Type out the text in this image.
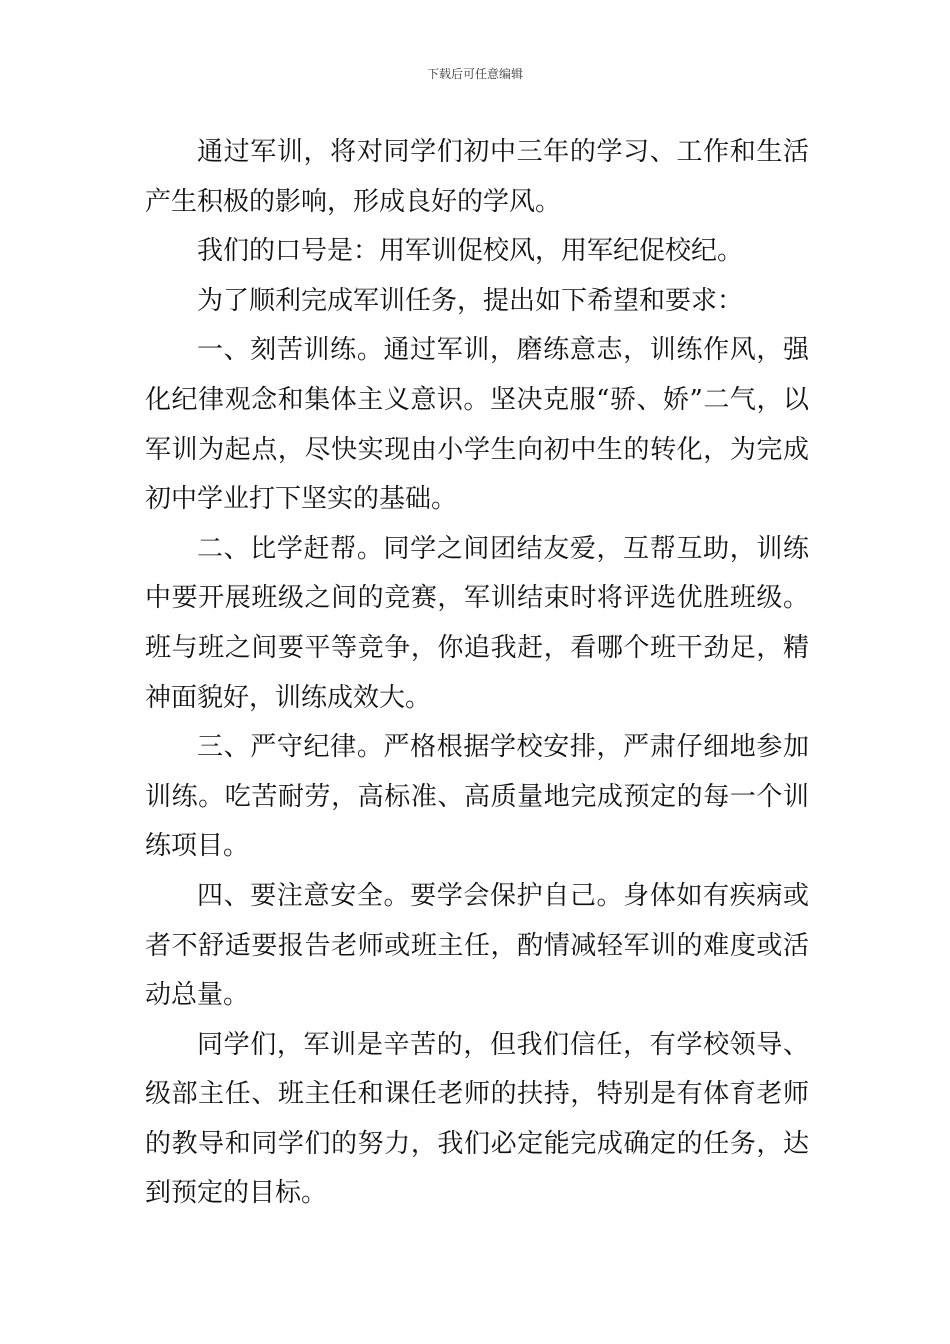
下载后可任意编辑

通过军训，将对同学们初中三年的学习、工作和生活产生积极的影响，形成良好的学风。

我们的口号是：用军训促校风，用军纪促校纪。

为了顺利完成军训任务，提出如下希望和要求：

一、刻苦训练。通过军训，磨练意志，训练作风，强化纪律观念和集体主义意识。坚决克服“骄、娇”二气，以军训为起点，尽快实现由小学生向初中生的转化，为完成初中学业打下坚实的基础。

二、比学赶帮。同学之间团结友爱，互帮互助，训练中要开展班级之间的竞赛，军训结束时将评选优胜班级。班与班之间要平等竞争，你追我赶，看哪个班干劲足，精神面貌好，训练成效大。

三、严守纪律。严格根据学校安排，严肃仔细地参加训练。吃苦耐劳，高标准、高质量地完成预定的每一个训练项目。

四、要注意安全。要学会保护自己。身体如有疾病或者不舒适要报告老师或班主任，酌情减轻军训的难度或活动总量。

同学们，军训是辛苦的，但我们信任，有学校领导、级部主任、班主任和课任老师的扶持，特别是有体育老师的教导和同学们的努力，我们必定能完成确定的任务，达到预定的目标。
